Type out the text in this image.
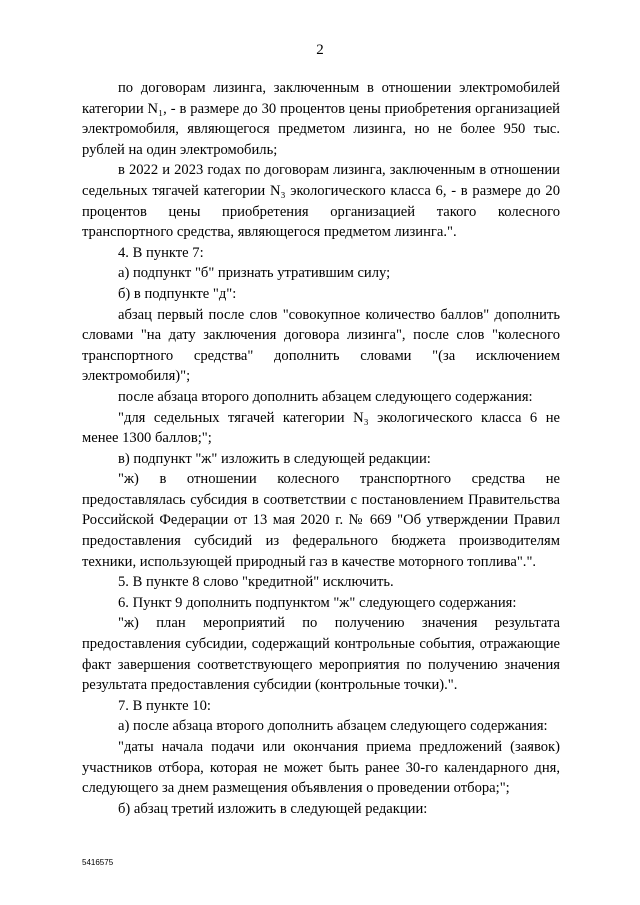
2

по договорам лизинга, заключенным в отношении электромобилей категории N₁, - в размере до 30 процентов цены приобретения организацией электромобиля, являющегося предметом лизинга, но не более 950 тыс. рублей на один электромобиль;

в 2022 и 2023 годах по договорам лизинга, заключенным в отношении седельных тягачей категории N₃ экологического класса 6, - в размере до 20 процентов цены приобретения организацией такого колесного транспортного средства, являющегося предметом лизинга.".

4. В пункте 7:

а) подпункт "б" признать утратившим силу;

б) в подпункте "д":

абзац первый после слов "совокупное количество баллов" дополнить словами "на дату заключения договора лизинга", после слов "колесного транспортного средства" дополнить словами "(за исключением электромобиля)";

после абзаца второго дополнить абзацем следующего содержания:

"для седельных тягачей категории N₃ экологического класса 6 не менее 1300 баллов;";

в) подпункт "ж" изложить в следующей редакции:

"ж) в отношении колесного транспортного средства не предоставлялась субсидия в соответствии с постановлением Правительства Российской Федерации от 13 мая 2020 г. № 669 "Об утверждении Правил предоставления субсидий из федерального бюджета производителям техники, использующей природный газ в качестве моторного топлива".".

5. В пункте 8 слово "кредитной" исключить.

6. Пункт 9 дополнить подпунктом "ж" следующего содержания:

"ж) план мероприятий по получению значения результата предоставления субсидии, содержащий контрольные события, отражающие факт завершения соответствующего мероприятия по получению значения результата предоставления субсидии (контрольные точки).".

7. В пункте 10:

а) после абзаца второго дополнить абзацем следующего содержания:

"даты начала подачи или окончания приема предложений (заявок) участников отбора, которая не может быть ранее 30-го календарного дня, следующего за днем размещения объявления о проведении отбора;";

б) абзац третий изложить в следующей редакции:

5416575
